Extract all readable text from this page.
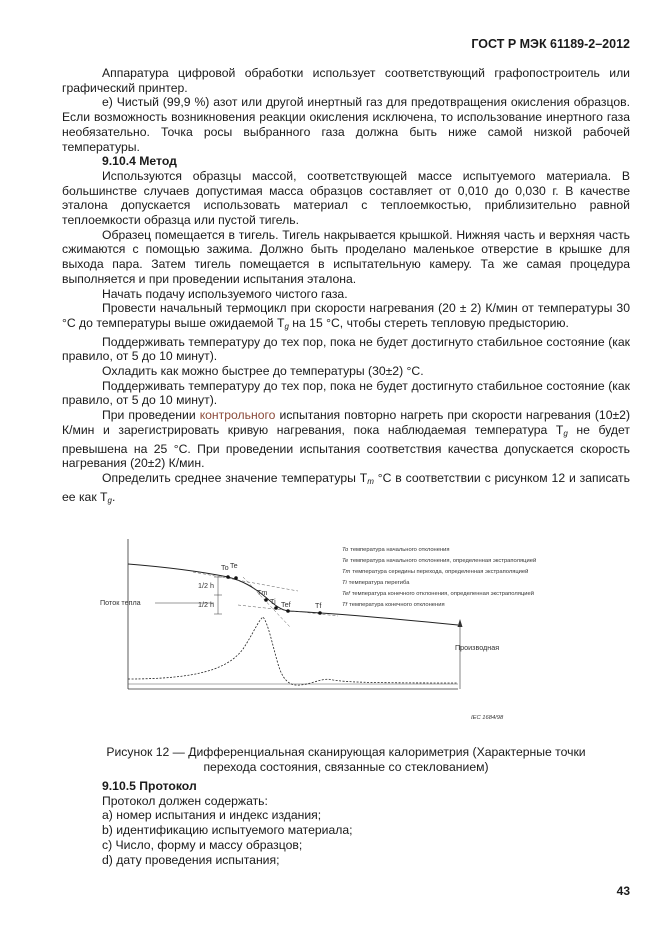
ГОСТ Р МЭК 61189-2–2012

Аппаратура цифровой обработки использует соответствующий графопостроитель или графический принтер.

е) Чистый (99,9 %) азот или другой инертный газ для предотвращения окисления образцов. Если возможность возникновения реакции окисления исключена, то использование инертного газа необязательно. Точка росы выбранного газа должна быть ниже самой низкой рабочей температуры.

9.10.4 Метод

Используются образцы массой, соответствующей массе испытуемого материала. В большинстве случаев допустимая масса образцов составляет от 0,010 до 0,030 г. В качестве эталона допускается использовать материал с теплоемкостью, приблизительно равной теплоемкости образца или пустой тигель.

Образец помещается в тигель. Тигель накрывается крышкой. Нижняя часть и верхняя часть сжимаются с помощью зажима. Должно быть проделано маленькое отверстие в крышке для выхода пара. Затем тигель помещается в испытательную камеру. Та же самая процедура выполняется и при проведении испытания эталона.

Начать подачу используемого чистого газа.

Провести начальный термоцикл при скорости нагревания (20 ± 2) К/мин от температуры 30 °С до температуры выше ожидаемой $T_g$ на 15 °С, чтобы стереть тепловую предысторию.

Поддерживать температуру до тех пор, пока не будет достигнуто стабильное состояние (как правило, от 5 до 10 минут).

Охладить как можно быстрее до температуры (30±2) °С.

Поддерживать температуру до тех пор, пока не будет достигнуто стабильное состояние (как правило, от 5 до 10 минут).

При проведении контрольного испытания повторно нагреть при скорости нагревания (10±2) К/мин и зарегистрировать кривую нагревания, пока наблюдаемая температура $T_g$ не будет превышена на 25 °С. При проведении испытания соответствия качества допускается скорость нагревания (20±2) К/мин.

Определить среднее значение температуры $T_m$ °С в соответствии с рисунком 12 и записать ее как $T_g$.

1/2 h
1/2 h
Поток тепла
To Te
Tm
Ti Tef	Tf
Производная
To температура начального отклонения
Te температура начального отклонения, определенная экстраполяцией
Tm температура середины перехода, определенная экстраполяцией
Ti температура перегиба
Tef температура конечного отклонения, определенная экстраполяцией
Tf температура конечного отклонения
IEC 1684/98
Рисунок 12 — Дифференциальная сканирующая калориметрия (Характерные точки
перехода состояния, связанные со стеклованием)

9.10.5 Протокол

Протокол должен содержать:

a) номер испытания и индекс издания;

b) идентификацию испытуемого материала;

c) Число, форму и массу образцов;

d) дату проведения испытания;

43
